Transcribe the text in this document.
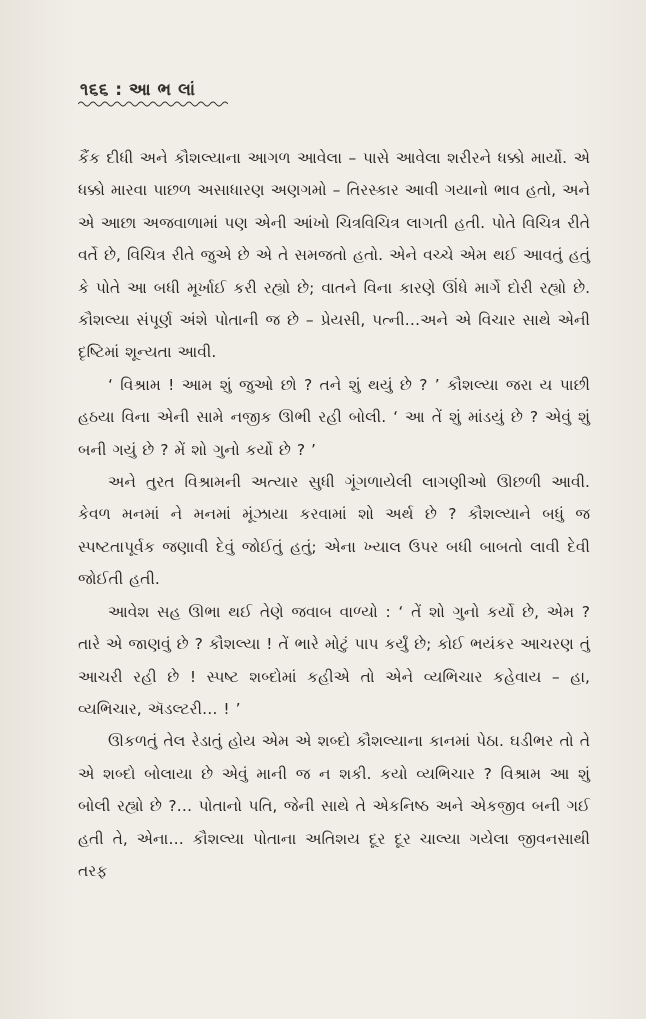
૧૬૬ : આ ભ લાં

કૈંક દીધી અને કૌશલ્યાના આગળ આવેલા – પાસે આવેલા શરીરને ધક્કો માર્યો. એ ધક્કો મારવા પાછળ અસાધારણ અણગમો – તિરસ્કાર આવી ગયાનો ભાવ હતો, અને એ આછા અજવાળામાં પણ એની આંખો ચિત્રવિચિત્ર લાગતી હતી. પોતે વિચિત્ર રીતે વર્તે છે, વિચિત્ર રીતે જુએ છે એ તે સમજતો હતો. એને વચ્ચે એમ થઈ આવતું હતું કે પોતે આ બધી મૂર્ખાઈ કરી રહ્યો છે; વાતને વિના કારણે ઊંધે માર્ગે દોરી રહ્યો છે. કૌશલ્યા સંપૂર્ણ અંશે પોતાની જ છે – પ્રેયસી, પત્ની…અને એ વિચાર સાથે એની દૃષ્ટિમાં શૂન્યતા આવી.

‘ વિશ્રામ ! આમ શું જુઓ છો ? તને શું થયું છે ? ’ કૌશલ્યા જરા ય પાછી હઠયા વિના એની સામે નજીક ઊભી રહી બોલી. ‘ આ તેં શું માંડયું છે ? એવું શું બની ગયું છે ? મેં શો ગુનો કર્યો છે ? ’

અને તુરત વિશ્રામની અત્યાર સુધી ગૂંગળાયેલી લાગણીઓ ઊછળી આવી. કેવળ મનમાં ને મનમાં મૂંઝાયા કરવામાં શો અર્થ છે ? કૌશલ્યાને બધું જ સ્પષ્ટતાપૂર્વક જણાવી દેવું જોઈતું હતું; એના ખ્યાલ ઉપર બધી બાબતો લાવી દેવી જોઈતી હતી.

આવેશ સહ ઊભા થઈ તેણે જવાબ વાળ્યો : ‘ તેં શો ગુનો કર્યો છે, એમ ? તારે એ જાણવું છે ? કૌશલ્યા ! તેં ભારે મોટું પાપ કર્યું છે; કોઈ ભયંકર આચરણ તું આચરી રહી છે ! સ્પષ્ટ શબ્દોમાં કહીએ તો એને વ્યભિચાર કહેવાય – હા, વ્યભિચાર, ઍડલ્ટરી… ! ’

ઊકળતું તેલ રેડાતું હોય એમ એ શબ્દો કૌશલ્યાના કાનમાં પેઠા. ઘડીભર તો તે એ શબ્દો બોલાયા છે એવું માની જ ન શકી. કયો વ્યભિચાર ? વિશ્રામ આ શું બોલી રહ્યો છે ?… પોતાનો પતિ, જેની સાથે તે એકનિષ્ઠ અને એકજીવ બની ગઈ હતી તે, એના… કૌશલ્યા પોતાના અતિશય દૂર દૂર ચાલ્યા ગયેલા જીવનસાથી તરફ
